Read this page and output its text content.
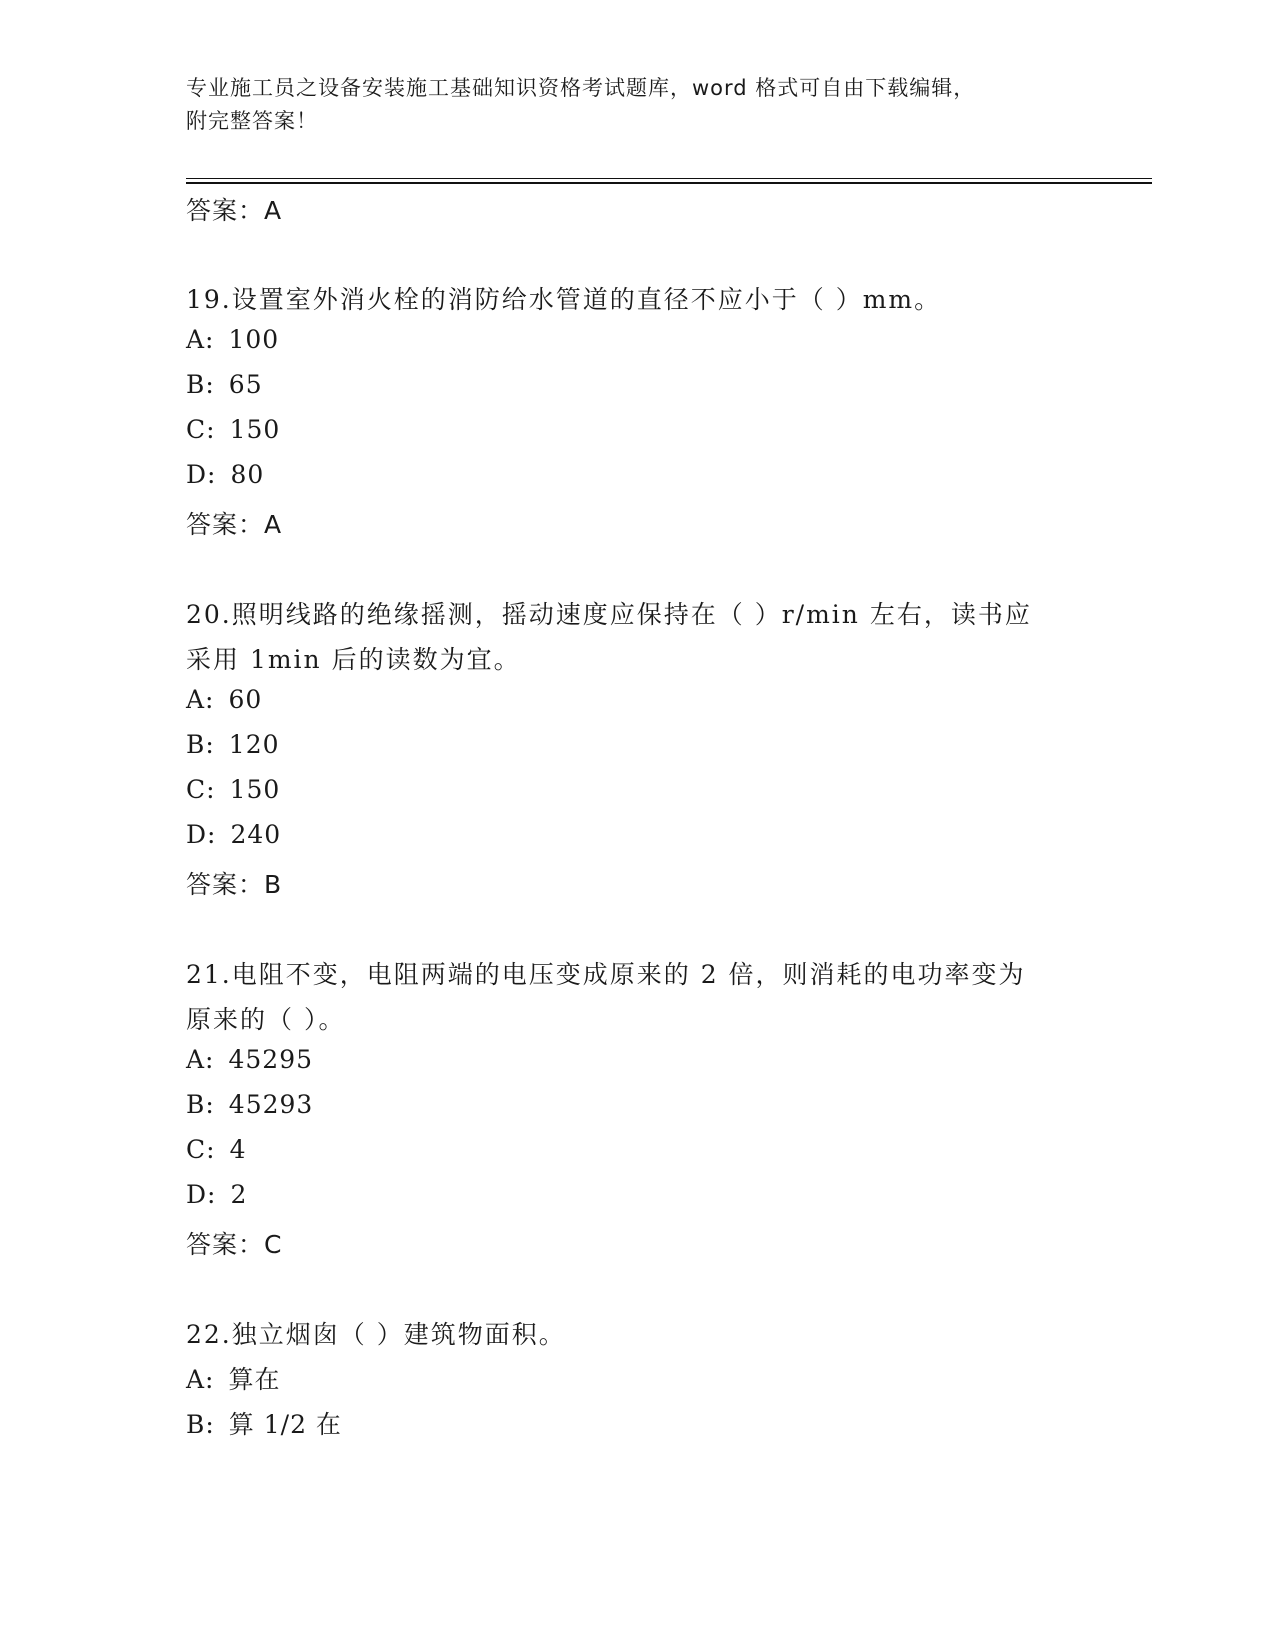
专业施工员之设备安装施工基础知识资格考试题库，word 格式可自由下载编辑，
附完整答案！
答案：A
19.设置室外消火栓的消防给水管道的直径不应小于（ ）mm。
A: 100
B: 65
C: 150
D: 80
答案：A
20.照明线路的绝缘摇测，摇动速度应保持在（ ）r/min 左右，读书应
采用 1min 后的读数为宜。
A: 60
B: 120
C: 150
D: 240
答案：B
21.电阻不变，电阻两端的电压变成原来的 2 倍，则消耗的电功率变为
原来的（ ）。
A: 45295
B: 45293
C: 4
D: 2
答案：C
22.独立烟囱（ ）建筑物面积。
A: 算在
B: 算 1/2 在
